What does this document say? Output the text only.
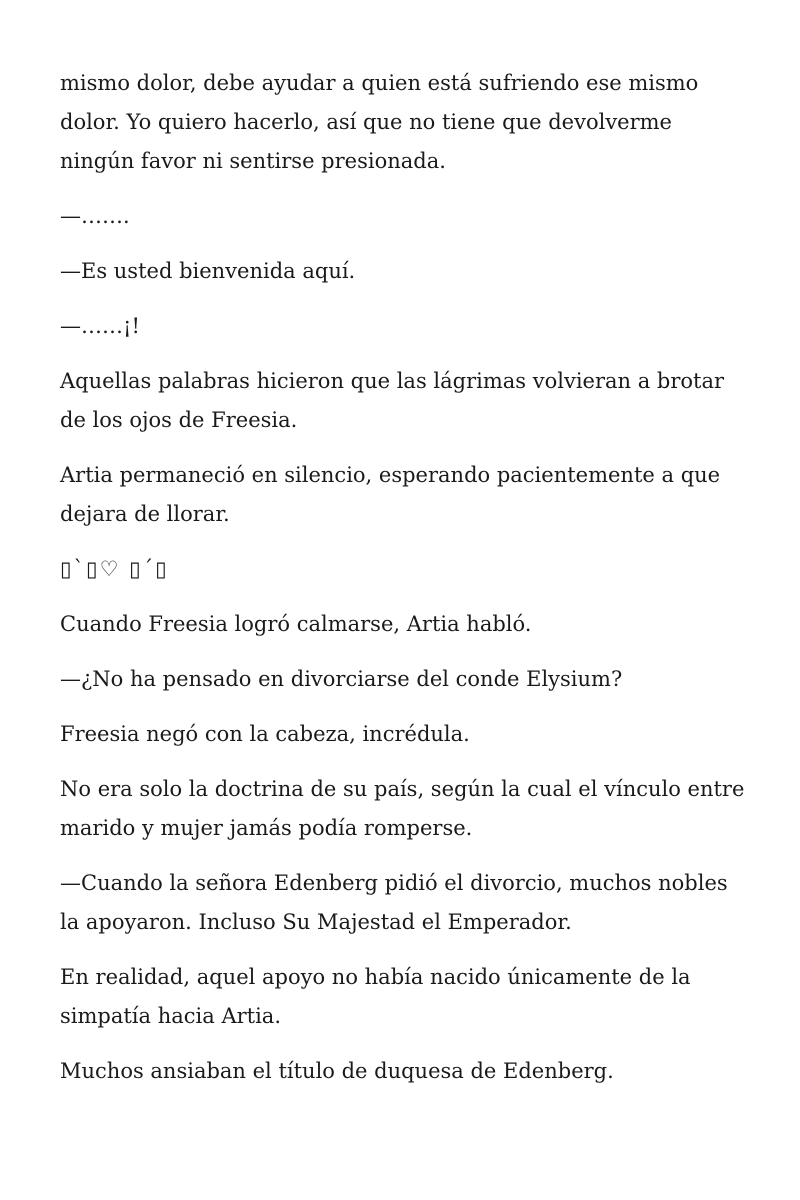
mismo dolor, debe ayudar a quien está sufriendo ese mismo dolor. Yo quiero hacerlo, así que no tiene que devolverme ningún favor ni sentirse presionada.

—…….

—Es usted bienvenida aquí.

—……¡!

Aquellas palabras hicieron que las lágrimas volvieran a brotar de los ojos de Freesia.

Artia permaneció en silencio, esperando pacientemente a que dejara de llorar.

▯`▯♡ ▯´▯

Cuando Freesia logró calmarse, Artia habló.

—¿No ha pensado en divorciarse del conde Elysium?

Freesia negó con la cabeza, incrédula.

No era solo la doctrina de su país, según la cual el vínculo entre marido y mujer jamás podía romperse.

—Cuando la señora Edenberg pidió el divorcio, muchos nobles la apoyaron. Incluso Su Majestad el Emperador.

En realidad, aquel apoyo no había nacido únicamente de la simpatía hacia Artia.

Muchos ansiaban el título de duquesa de Edenberg.
